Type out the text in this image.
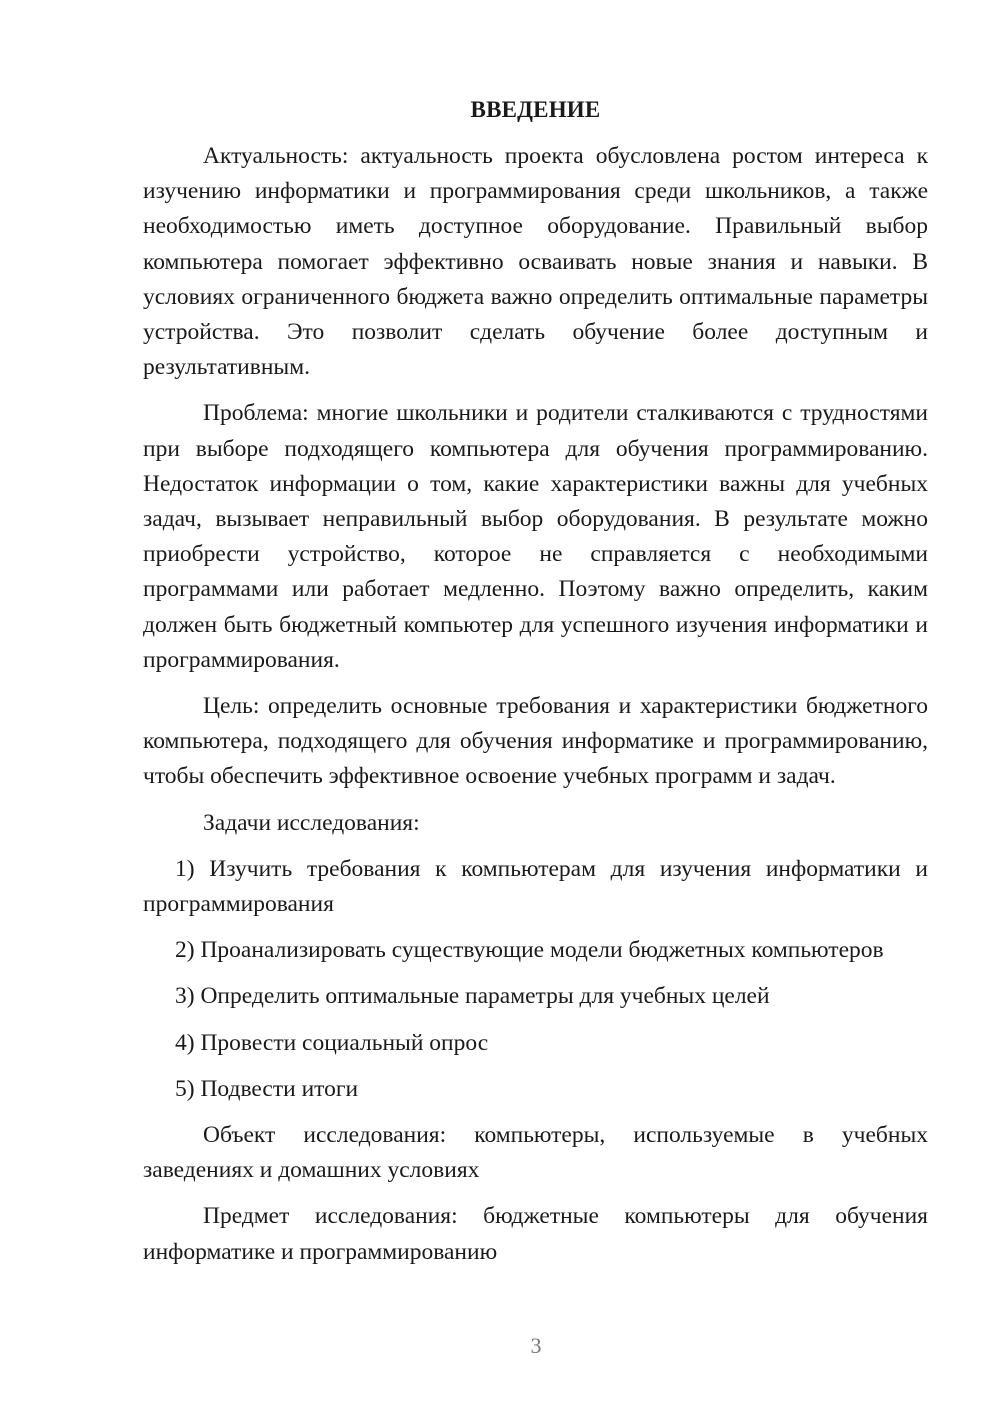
ВВЕДЕНИЕ

Актуальность: актуальность проекта обусловлена ростом интереса к изучению информатики и программирования среди школьников, а также необходимостью иметь доступное оборудование. Правильный выбор компьютера помогает эффективно осваивать новые знания и навыки. В условиях ограниченного бюджета важно определить оптимальные параметры устройства. Это позволит сделать обучение более доступным и результативным.

Проблема: многие школьники и родители сталкиваются с трудностями при выборе подходящего компьютера для обучения программированию. Недостаток информации о том, какие характеристики важны для учебных задач, вызывает неправильный выбор оборудования. В результате можно приобрести устройство, которое не справляется с необходимыми программами или работает медленно. Поэтому важно определить, каким должен быть бюджетный компьютер для успешного изучения информатики и программирования.

Цель: определить основные требования и характеристики бюджетного компьютера, подходящего для обучения информатике и программированию, чтобы обеспечить эффективное освоение учебных программ и задач.

Задачи исследования:

1) Изучить требования к компьютерам для изучения информатики и программирования

2) Проанализировать существующие модели бюджетных компьютеров

3) Определить оптимальные параметры для учебных целей

4) Провести социальный опрос

5) Подвести итоги

Объект исследования: компьютеры, используемые в учебных заведениях и домашних условиях

Предмет исследования: бюджетные компьютеры для обучения информатике и программированию

3
